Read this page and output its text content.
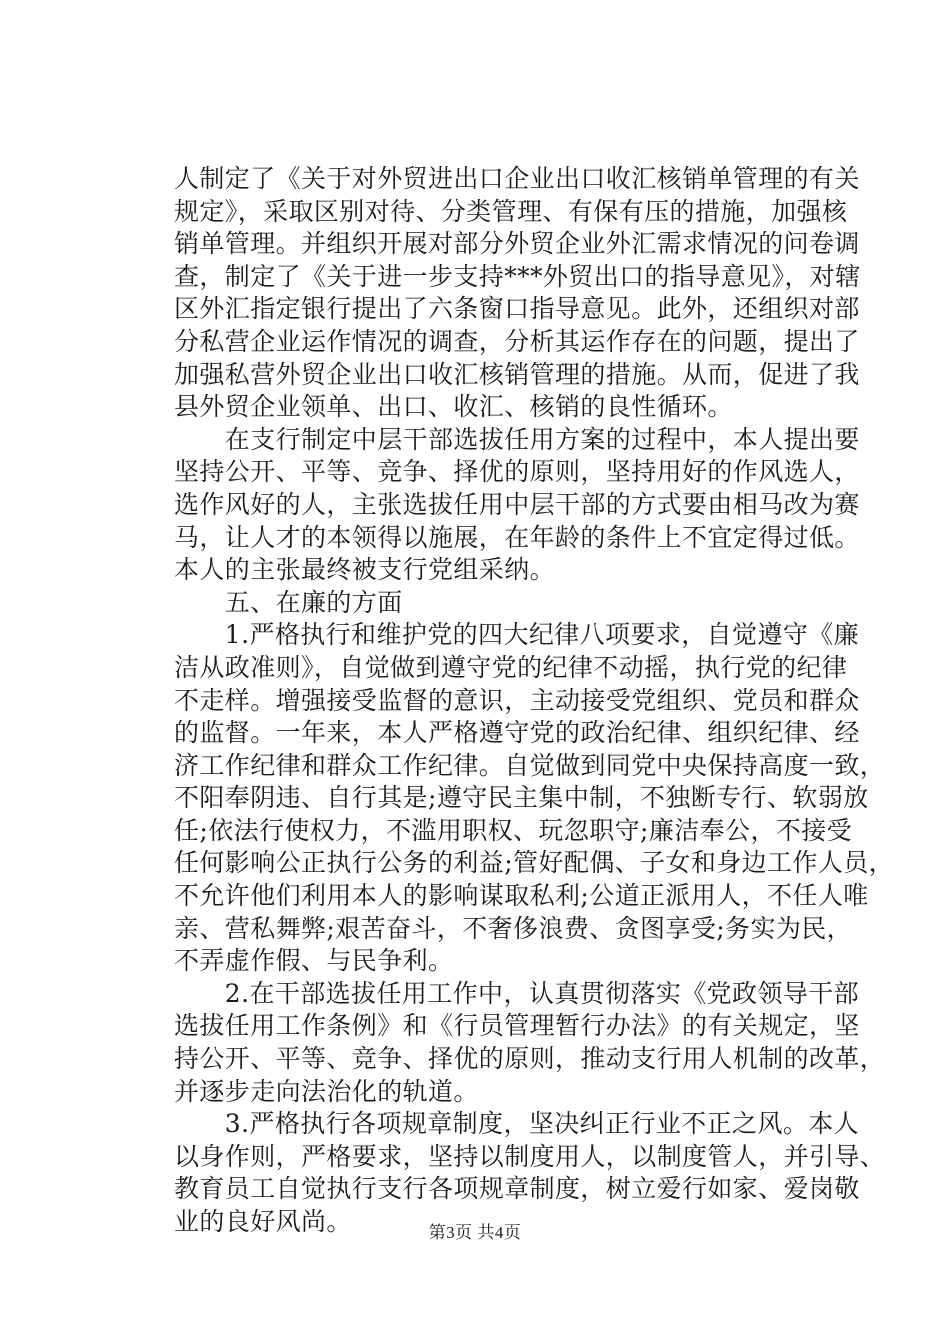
人制定了《关于对外贸进出口企业出口收汇核销单管理的有关
规定》，采取区别对待、分类管理、有保有压的措施，加强核
销单管理。并组织开展对部分外贸企业外汇需求情况的问卷调
查，制定了《关于进一步支持***外贸出口的指导意见》，对辖
区外汇指定银行提出了六条窗口指导意见。此外，还组织对部
分私营企业运作情况的调查，分析其运作存在的问题，提出了
加强私营外贸企业出口收汇核销管理的措施。从而，促进了我
县外贸企业领单、出口、收汇、核销的良性循环。
　　在支行制定中层干部选拔任用方案的过程中，本人提出要
坚持公开、平等、竞争、择优的原则，坚持用好的作风选人，
选作风好的人，主张选拔任用中层干部的方式要由相马改为赛
马，让人才的本领得以施展，在年龄的条件上不宜定得过低。
本人的主张最终被支行党组采纳。
　　五、在廉的方面
　　1.严格执行和维护党的四大纪律八项要求，自觉遵守《廉
洁从政准则》，自觉做到遵守党的纪律不动摇，执行党的纪律
不走样。增强接受监督的意识，主动接受党组织、党员和群众
的监督。一年来，本人严格遵守党的政治纪律、组织纪律、经
济工作纪律和群众工作纪律。自觉做到同党中央保持高度一致，
不阳奉阴违、自行其是;遵守民主集中制，不独断专行、软弱放
任;依法行使权力，不滥用职权、玩忽职守;廉洁奉公，不接受
任何影响公正执行公务的利益;管好配偶、子女和身边工作人员，
不允许他们利用本人的影响谋取私利;公道正派用人，不任人唯
亲、营私舞弊;艰苦奋斗，不奢侈浪费、贪图享受;务实为民，
不弄虚作假、与民争利。
　　2.在干部选拔任用工作中，认真贯彻落实《党政领导干部
选拔任用工作条例》和《行员管理暂行办法》的有关规定，坚
持公开、平等、竞争、择优的原则，推动支行用人机制的改革，
并逐步走向法治化的轨道。
　　3.严格执行各项规章制度，坚决纠正行业不正之风。本人
以身作则，严格要求，坚持以制度用人，以制度管人，并引导、
教育员工自觉执行支行各项规章制度，树立爱行如家、爱岗敬
业的良好风尚。	第3页 共4页
